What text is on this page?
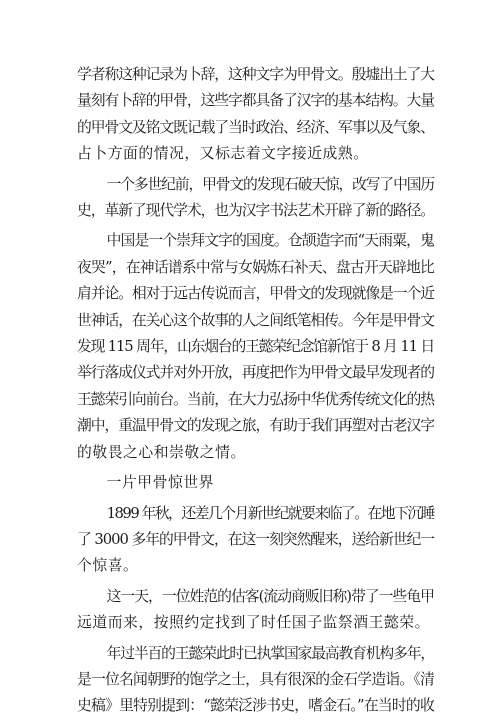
学者称这种记录为卜辞，这种文字为甲骨文。殷墟出土了大
量刻有卜辞的甲骨，这些字都具备了汉字的基本结构。大量
的甲骨文及铭文既记载了当时政治、经济、军事以及气象、
占卜方面的情况，又标志着文字接近成熟。
一个多世纪前，甲骨文的发现石破天惊，改写了中国历
史，革新了现代学术，也为汉字书法艺术开辟了新的路径。
中国是一个崇拜文字的国度。仓颉造字而“天雨粟，鬼
夜哭”，在神话谱系中常与女娲炼石补天、盘古开天辟地比
肩并论。相对于远古传说而言，甲骨文的发现就像是一个近
世神话，在关心这个故事的人之间纸笔相传。今年是甲骨文
发现 115 周年，山东烟台的王懿荣纪念馆新馆于 8 月 11 日
举行落成仪式并对外开放，再度把作为甲骨文最早发现者的
王懿荣引向前台。当前，在大力弘扬中华优秀传统文化的热
潮中，重温甲骨文的发现之旅，有助于我们再塑对古老汉字
的敬畏之心和崇敬之情。
一片甲骨惊世界
1899 年秋，还差几个月新世纪就要来临了。在地下沉睡
了 3000 多年的甲骨文，在这一刻突然醒来，送给新世纪一
个惊喜。
这一天，一位姓范的估客(流动商贩旧称)带了一些龟甲
远道而来，按照约定找到了时任国子监祭酒王懿荣。
年过半百的王懿荣此时已执掌国家最高教育机构多年，
是一位名闻朝野的饱学之士，具有很深的金石学造诣。《清
史稿》里特别提到：“懿荣泛涉书史，嗜金石。”在当时的收
